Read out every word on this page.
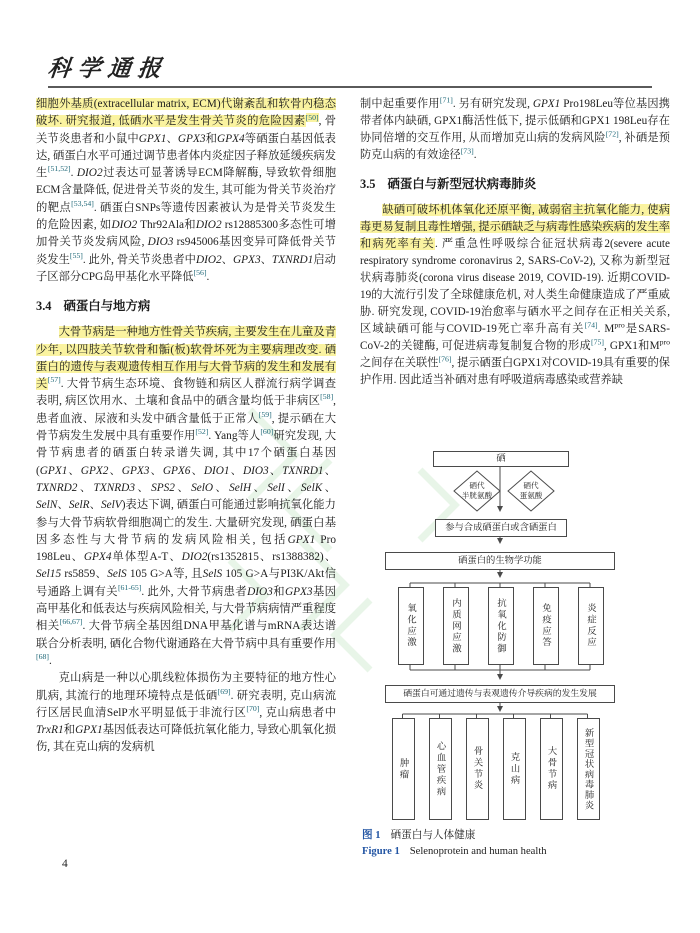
科学通报

细胞外基质(extracellular matrix, ECM)代谢紊乱和软骨内稳态破坏. 研究报道, 低硒水平是发生骨关节炎的危险因素[50], 骨关节炎患者和小鼠中GPX1、GPX3和GPX4等硒蛋白基因低表达, 硒蛋白水平可通过调节患者体内炎症因子释放延缓疾病发生[51,52]. DIO2过表达可显著诱导ECM降解酶, 导致软骨细胞ECM含量降低, 促进骨关节炎的发生, 其可能为骨关节炎治疗的靶点[53,54]. 硒蛋白SNPs等遗传因素被认为是骨关节炎发生的危险因素, 如DIO2 Thr92Ala和DIO2 rs12885300多态性可增加骨关节炎发病风险, DIO3 rs945006基因变异可降低骨关节炎发生[55]. 此外, 骨关节炎患者中DIO2、GPX3、TXNRD1启动子区部分CPG岛甲基化水平降低[56].

3.4 硒蛋白与地方病

大骨节病是一种地方性骨关节疾病, 主要发生在儿童及青少年, 以四肢关节软骨和骺(板)软骨坏死为主要病理改变. 硒蛋白的遗传与表观遗传相互作用与大骨节病的发生和发展有关[57]. 大骨节病生态环境、食物链和病区人群流行病学调查表明, 病区饮用水、土壤和食品中的硒含量均低于非病区[58], 患者血液、尿液和头发中硒含量低于正常人[59], 提示硒在大骨节病发生发展中具有重要作用[52]. Yang等人[60]研究发现, 大骨节病患者的硒蛋白转录谱失调, 其中17个硒蛋白基因(GPX1、GPX2、GPX3、GPX6、DIO1、DIO3、TXNRD1、TXNRD2、TXNRD3、SPS2、SelO、SelH、SelI、SelK、SelN、SelR、SelV)表达下调, 硒蛋白可能通过影响抗氧化能力参与大骨节病软骨细胞凋亡的发生. 大量研究发现, 硒蛋白基因多态性与大骨节病的发病风险相关, 包括GPX1 Pro 198Leu、GPX4单体型A-T、DIO2(rs1352815、rs1388382)、Sel15 rs5859、SelS 105 G>A等, 且SelS 105 G>A与PI3K/Akt信号通路上调有关[61-65]. 此外, 大骨节病患者DIO3和GPX3基因高甲基化和低表达与疾病风险相关, 与大骨节病病情严重程度相关[66,67]. 大骨节病全基因组DNA甲基化谱与mRNA表达谱联合分析表明, 硒化合物代谢通路在大骨节病中具有重要作用[68].

克山病是一种以心肌线粒体损伤为主要特征的地方性心肌病, 其流行的地理环境特点是低硒[69]. 研究表明, 克山病流行区居民血清SelP水平明显低于非流行区[70], 克山病患者中TrxR1和GPX1基因低表达可降低抗氧化能力, 导致心肌氧化损伤, 其在克山病的发病机

制中起重要作用[71]. 另有研究发现, GPX1 Pro198Leu等位基因携带者体内缺硒, GPX1酶活性低下, 提示低硒和GPX1 198Leu存在协同倍增的交互作用, 从而增加克山病的发病风险[72], 补硒是预防克山病的有效途径[73].

3.5 硒蛋白与新型冠状病毒肺炎

缺硒可破坏机体氧化还原平衡, 减弱宿主抗氧化能力, 使病毒更易复制且毒性增强, 提示硒缺乏与病毒性感染疾病的发生率和病死率有关. 严重急性呼吸综合征冠状病毒2(severe acute respiratory syndrome coronavirus 2, SARS-CoV-2), 又称为新型冠状病毒肺炎(corona virus disease 2019, COVID-19). 近期COVID-19的大流行引发了全球健康危机, 对人类生命健康造成了严重威胁. 研究发现, COVID-19治愈率与硒水平之间存在正相关关系, 区域缺硒可能与COVID-19死亡率升高有关[74]. $M^{pro}$是SARS-CoV-2的关键酶, 可促进病毒复制复合物的形成[75], GPX1和$M^{pro}$之间存在关联性[76], 提示硒蛋白GPX1对COVID-19具有重要的保护作用. 因此适当补硒对患有呼吸道病毒感染或营养缺

硒
硒代
半胱氨酸
硒代
蛋氨酸
参与合成硒蛋白或含硒蛋白
硒蛋白的生物学功能
氧化应激	内质网应激	抗氧化防御	免疫应答	炎症反应
硒蛋白可通过遗传与表观遗传介导疾病的发生发展
肿瘤	心血管疾病	骨关节炎	克山病	大骨节病	新型冠状病毒肺炎
图 1 硒蛋白与人体健康
Figure 1 Selenoprotein and human health
4
